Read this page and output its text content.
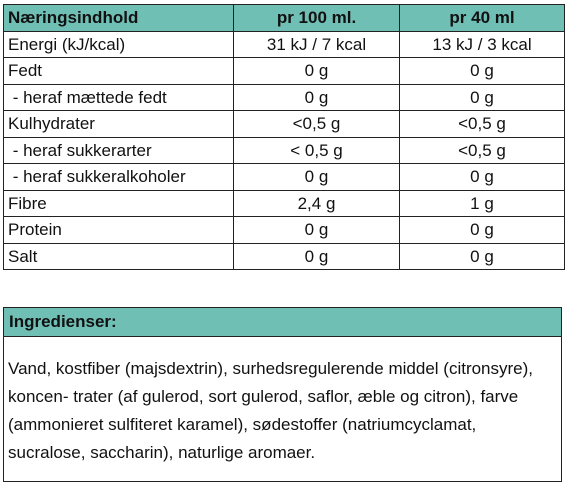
Næringsindhold	pr 100 ml.	pr 40 ml
Energi (kJ/kcal)	31 kJ / 7 kcal	13 kJ / 3 kcal
Fedt	0 g	0 g
- heraf mættede fedt	0 g	0 g
Kulhydrater	<0,5 g	<0,5 g
- heraf sukkerarter	< 0,5 g	<0,5 g
- heraf sukkeralkoholer	0 g	0 g
Fibre	2,4 g	1 g
Protein	0 g	0 g
Salt	0 g	0 g
Ingredienser:
Vand, kostfiber (majsdextrin), surhedsregulerende middel (citronsyre), koncen- trater (af gulerod, sort gulerod, saflor, æble og citron), farve (ammonieret sulfiteret karamel), sødestoffer (natriumcyclamat, sucralose, saccharin), naturlige aromaer.
